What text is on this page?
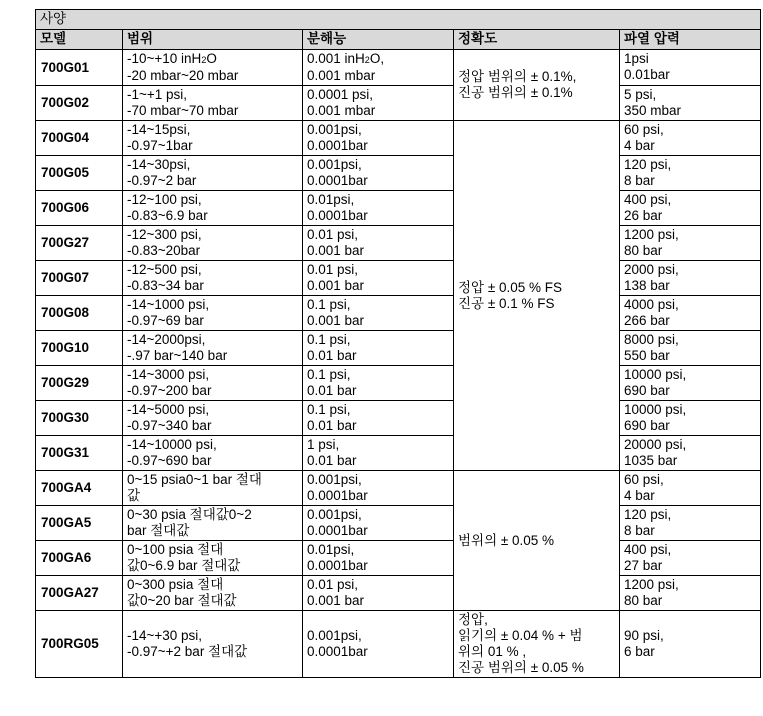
사양				
모델	범위	분해능	정확도	파열 압력
700G01	-10~+10 inH2O
-20 mbar~20 mbar	0.001 inH2O,
0.001 mbar	정압 범위의 ± 0.1%,
진공 범위의 ± 0.1%	1psi
0.01bar

700G02	-1~+1 psi,
-70 mbar~70 mbar	0.0001 psi,
0.001 mbar		5 psi,
350 mbar

700G04	-14~15psi,
-0.97~1bar	0.001psi,
0.0001bar	정압 ± 0.05 % FS
진공 ± 0.1 % FS	60 psi,
4 bar

700G05	-14~30psi,
-0.97~2 bar	0.001psi,
0.0001bar		120 psi,
8 bar

700G06	-12~100 psi,
-0.83~6.9 bar	0.01psi,
0.0001bar		400 psi,
26 bar

700G27	-12~300 psi,
-0.83~20bar	0.01 psi,
0.001 bar		1200 psi,
80 bar

700G07	-12~500 psi,
-0.83~34 bar	0.01 psi,
0.001 bar		2000 psi,
138 bar

700G08	-14~1000 psi,
-0.97~69 bar	0.1 psi,
0.001 bar		4000 psi,
266 bar

700G10	-14~2000psi,
-.97 bar~140 bar	0.1 psi,
0.01 bar		8000 psi,
550 bar

700G29	-14~3000 psi,
-0.97~200 bar	0.1 psi,
0.01 bar		10000 psi,
690 bar

700G30	-14~5000 psi,
-0.97~340 bar	0.1 psi,
0.01 bar		10000 psi,
690 bar

700G31	-14~10000 psi,
-0.97~690 bar	1 psi,
0.01 bar		20000 psi,
1035 bar

700GA4	0~15 psia0~1 bar 절대
값	0.001psi,
0.0001bar	범위의 ± 0.05 %	60 psi,
4 bar

700GA5	0~30 psia 절대값0~2
bar 절대값	0.001psi,
0.0001bar		120 psi,
8 bar

700GA6	0~100 psia 절대
값0~6.9 bar 절대값	0.01psi,
0.0001bar		400 psi,
27 bar

700GA27	0~300 psia 절대
값0~20 bar 절대값	0.01 psi,
0.001 bar		1200 psi,
80 bar

700RG05	-14~+30 psi,
-0.97~+2 bar 절대값	0.001psi,
0.0001bar	정압,
읽기의 ± 0.04 % + 범
위의 01 % ,
진공 범위의 ± 0.05 %	90 psi,
6 bar
